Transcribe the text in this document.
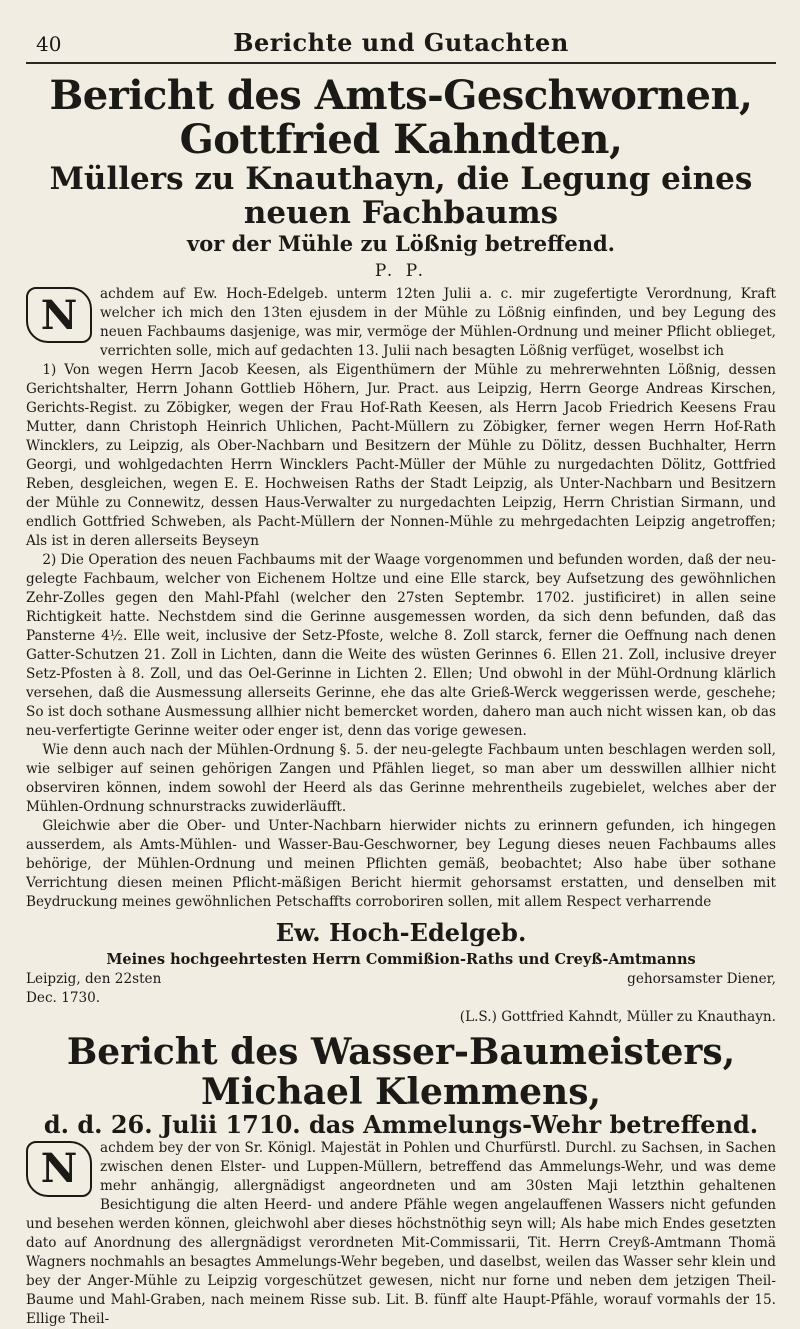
40	Berichte und Gutachten
Bericht des Amts-Geschwornen, Gottfried Kahndten,
Müllers zu Knauthayn, die Legung eines neuen Fachbaums
vor der Mühle zu Lößnig betreffend.
P. P.

N	achdem auf Ew. Hoch-Edelgeb. unterm 12ten Julii a. c. mir zugefertigte Verordnung, Kraft welcher ich mich den 13ten ejusdem in der Mühle zu Lößnig einfinden, und bey Legung des neuen Fachbaums dasjenige, was mir, vermöge der Mühlen-Ordnung und meiner Pflicht oblieget, verrichten solle, mich auf gedachten 13. Julii nach besagten Lößnig verfüget, woselbst ich

1) Von wegen Herrn Jacob Keesen, als Eigenthümern der Mühle zu mehrerwehnten Lößnig, dessen Gerichtshalter, Herrn Johann Gottlieb Höhern, Jur. Pract. aus Leipzig, Herrn George Andreas Kirschen, Gerichts-Regist. zu Zöbigker, wegen der Frau Hof-Rath Keesen, als Herrn Jacob Friedrich Keesens Frau Mutter, dann Christoph Heinrich Uhlichen, Pacht-Müllern zu Zöbigker, ferner wegen Herrn Hof-Rath Wincklers, zu Leipzig, als Ober-Nachbarn und Besitzern der Mühle zu Dölitz, dessen Buchhalter, Herrn Georgi, und wohlgedachten Herrn Wincklers Pacht-Müller der Mühle zu nurgedachten Dölitz, Gottfried Reben, desgleichen, wegen E. E. Hochweisen Raths der Stadt Leipzig, als Unter-Nachbarn und Besitzern der Mühle zu Connewitz, dessen Haus-Verwalter zu nurgedachten Leipzig, Herrn Christian Sirmann, und endlich Gottfried Schweben, als Pacht-Müllern der Nonnen-Mühle zu mehrgedachten Leipzig angetroffen; Als ist in deren allerseits Beyseyn

2) Die Operation des neuen Fachbaums mit der Waage vorgenommen und befunden worden, daß der neu-gelegte Fachbaum, welcher von Eichenem Holtze und eine Elle starck, bey Aufsetzung des gewöhnlichen Zehr-Zolles gegen den Mahl-Pfahl (welcher den 27sten Septembr. 1702. justificiret) in allen seine Richtigkeit hatte. Nechstdem sind die Gerinne ausgemessen worden, da sich denn befunden, daß das Pansterne 4½. Elle weit, inclusive der Setz-Pfoste, welche 8. Zoll starck, ferner die Oeffnung nach denen Gatter-Schutzen 21. Zoll in Lichten, dann die Weite des wüsten Gerinnes 6. Ellen 21. Zoll, inclusive dreyer Setz-Pfosten à 8. Zoll, und das Oel-Gerinne in Lichten 2. Ellen; Und obwohl in der Mühl-Ordnung klärlich versehen, daß die Ausmessung allerseits Gerinne, ehe das alte Grieß-Werck weggerissen werde, geschehe; So ist doch sothane Ausmessung allhier nicht bemercket worden, dahero man auch nicht wissen kan, ob das neu-verfertigte Gerinne weiter oder enger ist, denn das vorige gewesen.

Wie denn auch nach der Mühlen-Ordnung §. 5. der neu-gelegte Fachbaum unten beschlagen werden soll, wie selbiger auf seinen gehörigen Zangen und Pfählen lieget, so man aber um desswillen allhier nicht observiren können, indem sowohl der Heerd als das Gerinne mehrentheils zugebielet, welches aber der Mühlen-Ordnung schnurstracks zuwiderläufft.

Gleichwie aber die Ober- und Unter-Nachbarn hierwider nichts zu erinnern gefunden, ich hingegen ausserdem, als Amts-Mühlen- und Wasser-Bau-Geschworner, bey Legung dieses neuen Fachbaums alles behörige, der Mühlen-Ordnung und meinen Pflichten gemäß, beobachtet; Also habe über sothane Verrichtung diesen meinen Pflicht-mäßigen Bericht hiermit gehorsamst erstatten, und denselben mit Beydruckung meines gewöhnlichen Petschaffts corroboriren sollen, mit allem Respect verharrende

Ew. Hoch-Edelgeb.
Meines hochgeehrtesten Herrn Commißion-Raths und Creyß-Amtmanns
Leipzig, den 22sten Dec. 1730.
gehorsamster Diener,
(L.S.) Gottfried Kahndt, Müller zu Knauthayn.
Bericht des Wasser-Baumeisters, Michael Klemmens,
d. d. 26. Julii 1710. das Ammelungs-Wehr betreffend.

N	achdem bey der von Sr. Königl. Majestät in Pohlen und Churfürstl. Durchl. zu Sachsen, in Sachen zwischen denen Elster- und Luppen-Müllern, betreffend das Ammelungs-Wehr, und was deme mehr anhängig, allergnädigst angeordneten und am 30sten Maji letzthin gehaltenen Besichtigung die alten Heerd- und andere Pfähle wegen angelauffenen Wassers nicht gefunden und besehen werden können, gleichwohl aber dieses höchstnöthig seyn will; Als habe mich Endes gesetzten dato auf Anordnung des allergnädigst verordneten Mit-Commissarii, Tit. Herrn Creyß-Amtmann Thomä Wagners nochmahls an besagtes Ammelungs-Wehr begeben, und daselbst, weilen das Wasser sehr klein und bey der Anger-Mühle zu Leipzig vorgeschützet gewesen, nicht nur forne und neben dem jetzigen Theil-Baume und Mahl-Graben, nach meinem Risse sub. Lit. B. fünff alte Haupt-Pfähle, worauf vormahls der 15. Ellige Theil-
